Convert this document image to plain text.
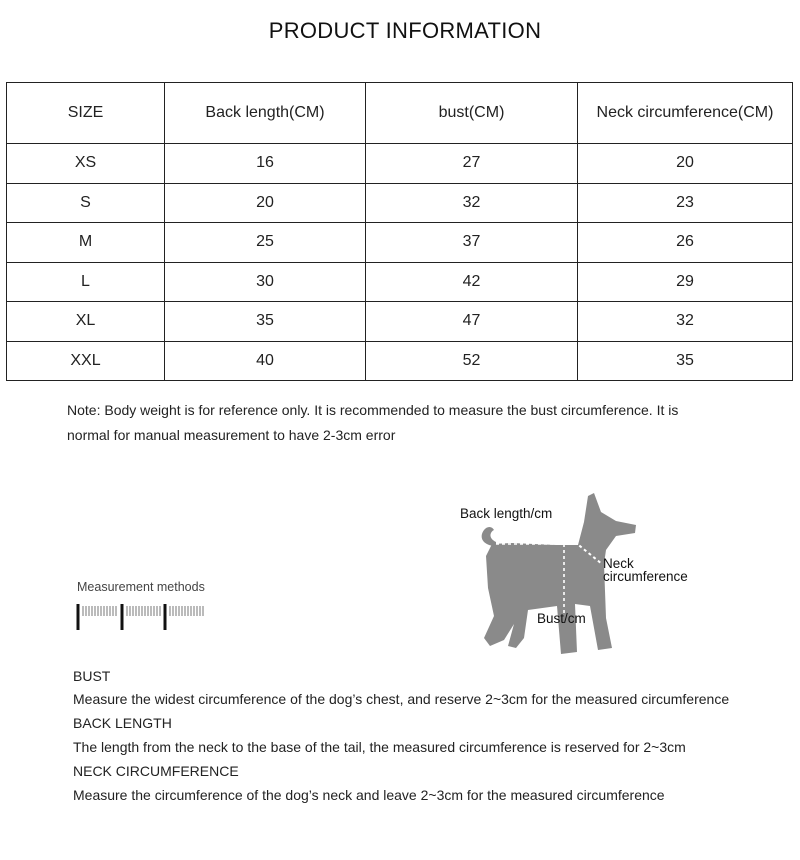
PRODUCT INFORMATION
SIZE	Back length(CM)	bust(CM)	Neck circumference(CM)
XS	16	27	20
S	20	32	23
M	25	37	26
L	30	42	29
XL	35	47	32
XXL	40	52	35
Note: Body weight is for reference only. It is recommended to measure the bust circumference. It is
normal for manual measurement to have 2-3cm error
Measurement methods
Back length/cm
Neck
circumference
Bust/cm
BUST
Measure the widest circumference of the dog’s chest, and reserve 2~3cm for the measured circumference
BACK LENGTH
The length from the neck to the base of the tail, the measured circumference is reserved for 2~3cm
NECK CIRCUMFERENCE
Measure the circumference of the dog’s neck and leave 2~3cm for the measured circumference
